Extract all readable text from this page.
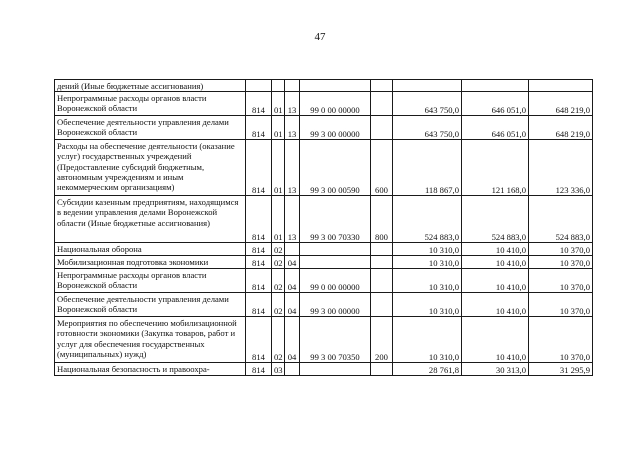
47
дений (Иные бюджетные ассигнования)								
Непрограммные расходы органов власти Воронежской области	814	01	13	99 0 00 00000		643 750,0	646 051,0	648 219,0
Обеспечение деятельности управления делами Воронежской области	814	01	13	99 3 00 00000		643 750,0	646 051,0	648 219,0
Расходы на обеспечение деятельности (оказание услуг) государственных учреждений (Предоставление субсидий бюджетным, автономным учреждениям и иным некоммерческим организациям)	814	01	13	99 3 00 00590	600	118 867,0	121 168,0	123 336,0
Субсидии казенным предприятиям, находящимся в ведении управления делами Воронежской области (Иные бюджетные ассигнования)	814	01	13	99 3 00 70330	800	524 883,0	524 883,0	524 883,0
Национальная оборона	814	02				10 310,0	10 410,0	10 370,0
Мобилизационная подготовка экономики	814	02	04			10 310,0	10 410,0	10 370,0
Непрограммные расходы органов власти Воронежской области	814	02	04	99 0 00 00000		10 310,0	10 410,0	10 370,0
Обеспечение деятельности управления делами Воронежской области	814	02	04	99 3 00 00000		10 310,0	10 410,0	10 370,0
Мероприятия по обеспечению мобилизационной готовности экономики (Закупка товаров, работ и услуг для обеспечения государственных (муниципальных) нужд)	814	02	04	99 3 00 70350	200	10 310,0	10 410,0	10 370,0
Национальная безопасность и правоохра-	814	03				28 761,8	30 313,0	31 295,9
